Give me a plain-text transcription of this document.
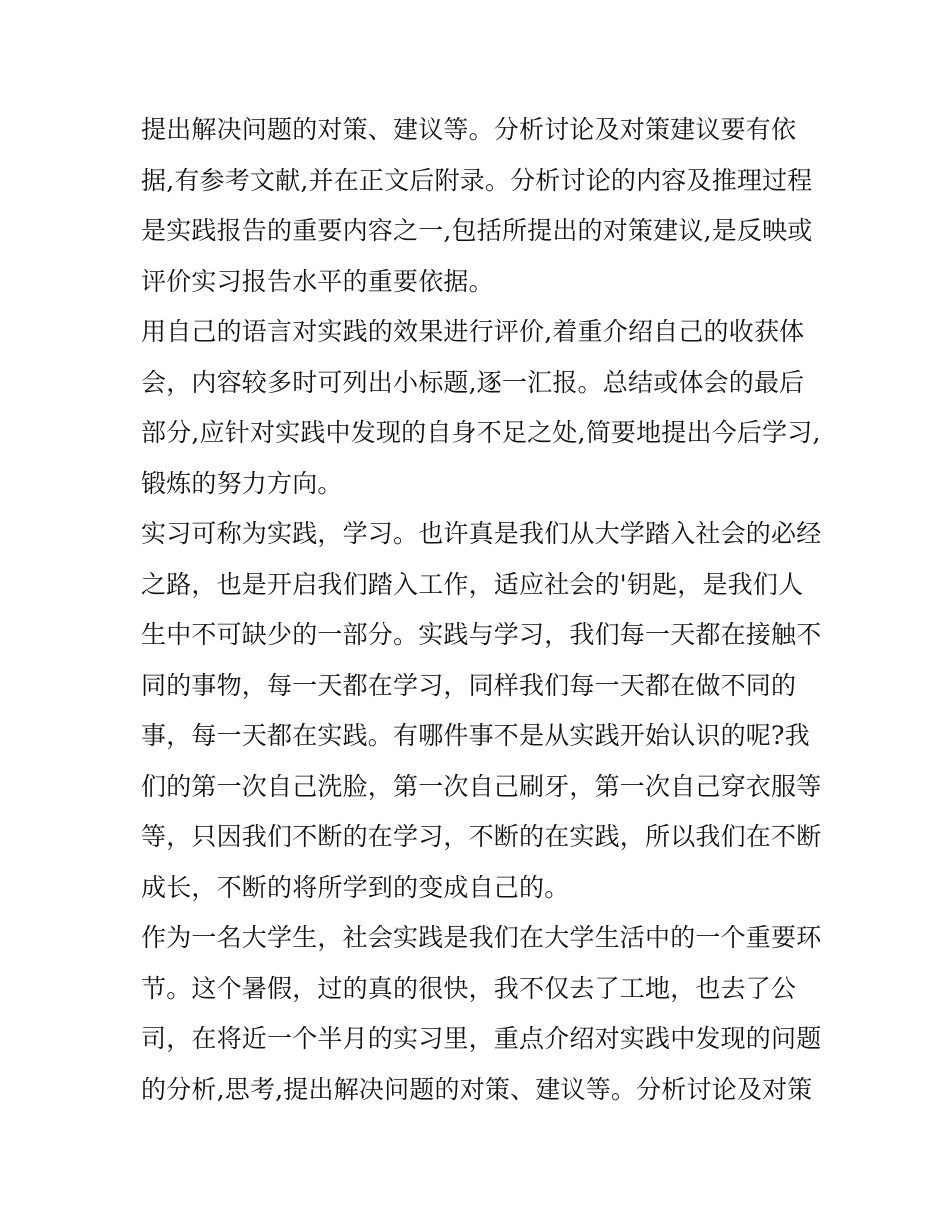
提出解决问题的对策、建议等。分析讨论及对策建议要有依
据,有参考文献,并在正文后附录。分析讨论的内容及推理过程
是实践报告的重要内容之一,包括所提出的对策建议,是反映或
评价实习报告水平的重要依据。
用自己的语言对实践的效果进行评价,着重介绍自己的收获体
会，内容较多时可列出小标题,逐一汇报。总结或体会的最后
部分,应针对实践中发现的自身不足之处,简要地提出今后学习,
锻炼的努力方向。
实习可称为实践，学习。也许真是我们从大学踏入社会的必经
之路，也是开启我们踏入工作，适应社会的'钥匙，是我们人
生中不可缺少的一部分。实践与学习，我们每一天都在接触不
同的事物，每一天都在学习，同样我们每一天都在做不同的
事，每一天都在实践。有哪件事不是从实践开始认识的呢?我
们的第一次自己洗脸，第一次自己刷牙，第一次自己穿衣服等
等，只因我们不断的在学习，不断的在实践，所以我们在不断
成长，不断的将所学到的变成自己的。
作为一名大学生，社会实践是我们在大学生活中的一个重要环
节。这个暑假，过的真的很快，我不仅去了工地，也去了公
司，在将近一个半月的实习里，重点介绍对实践中发现的问题
的分析,思考,提出解决问题的对策、建议等。分析讨论及对策
